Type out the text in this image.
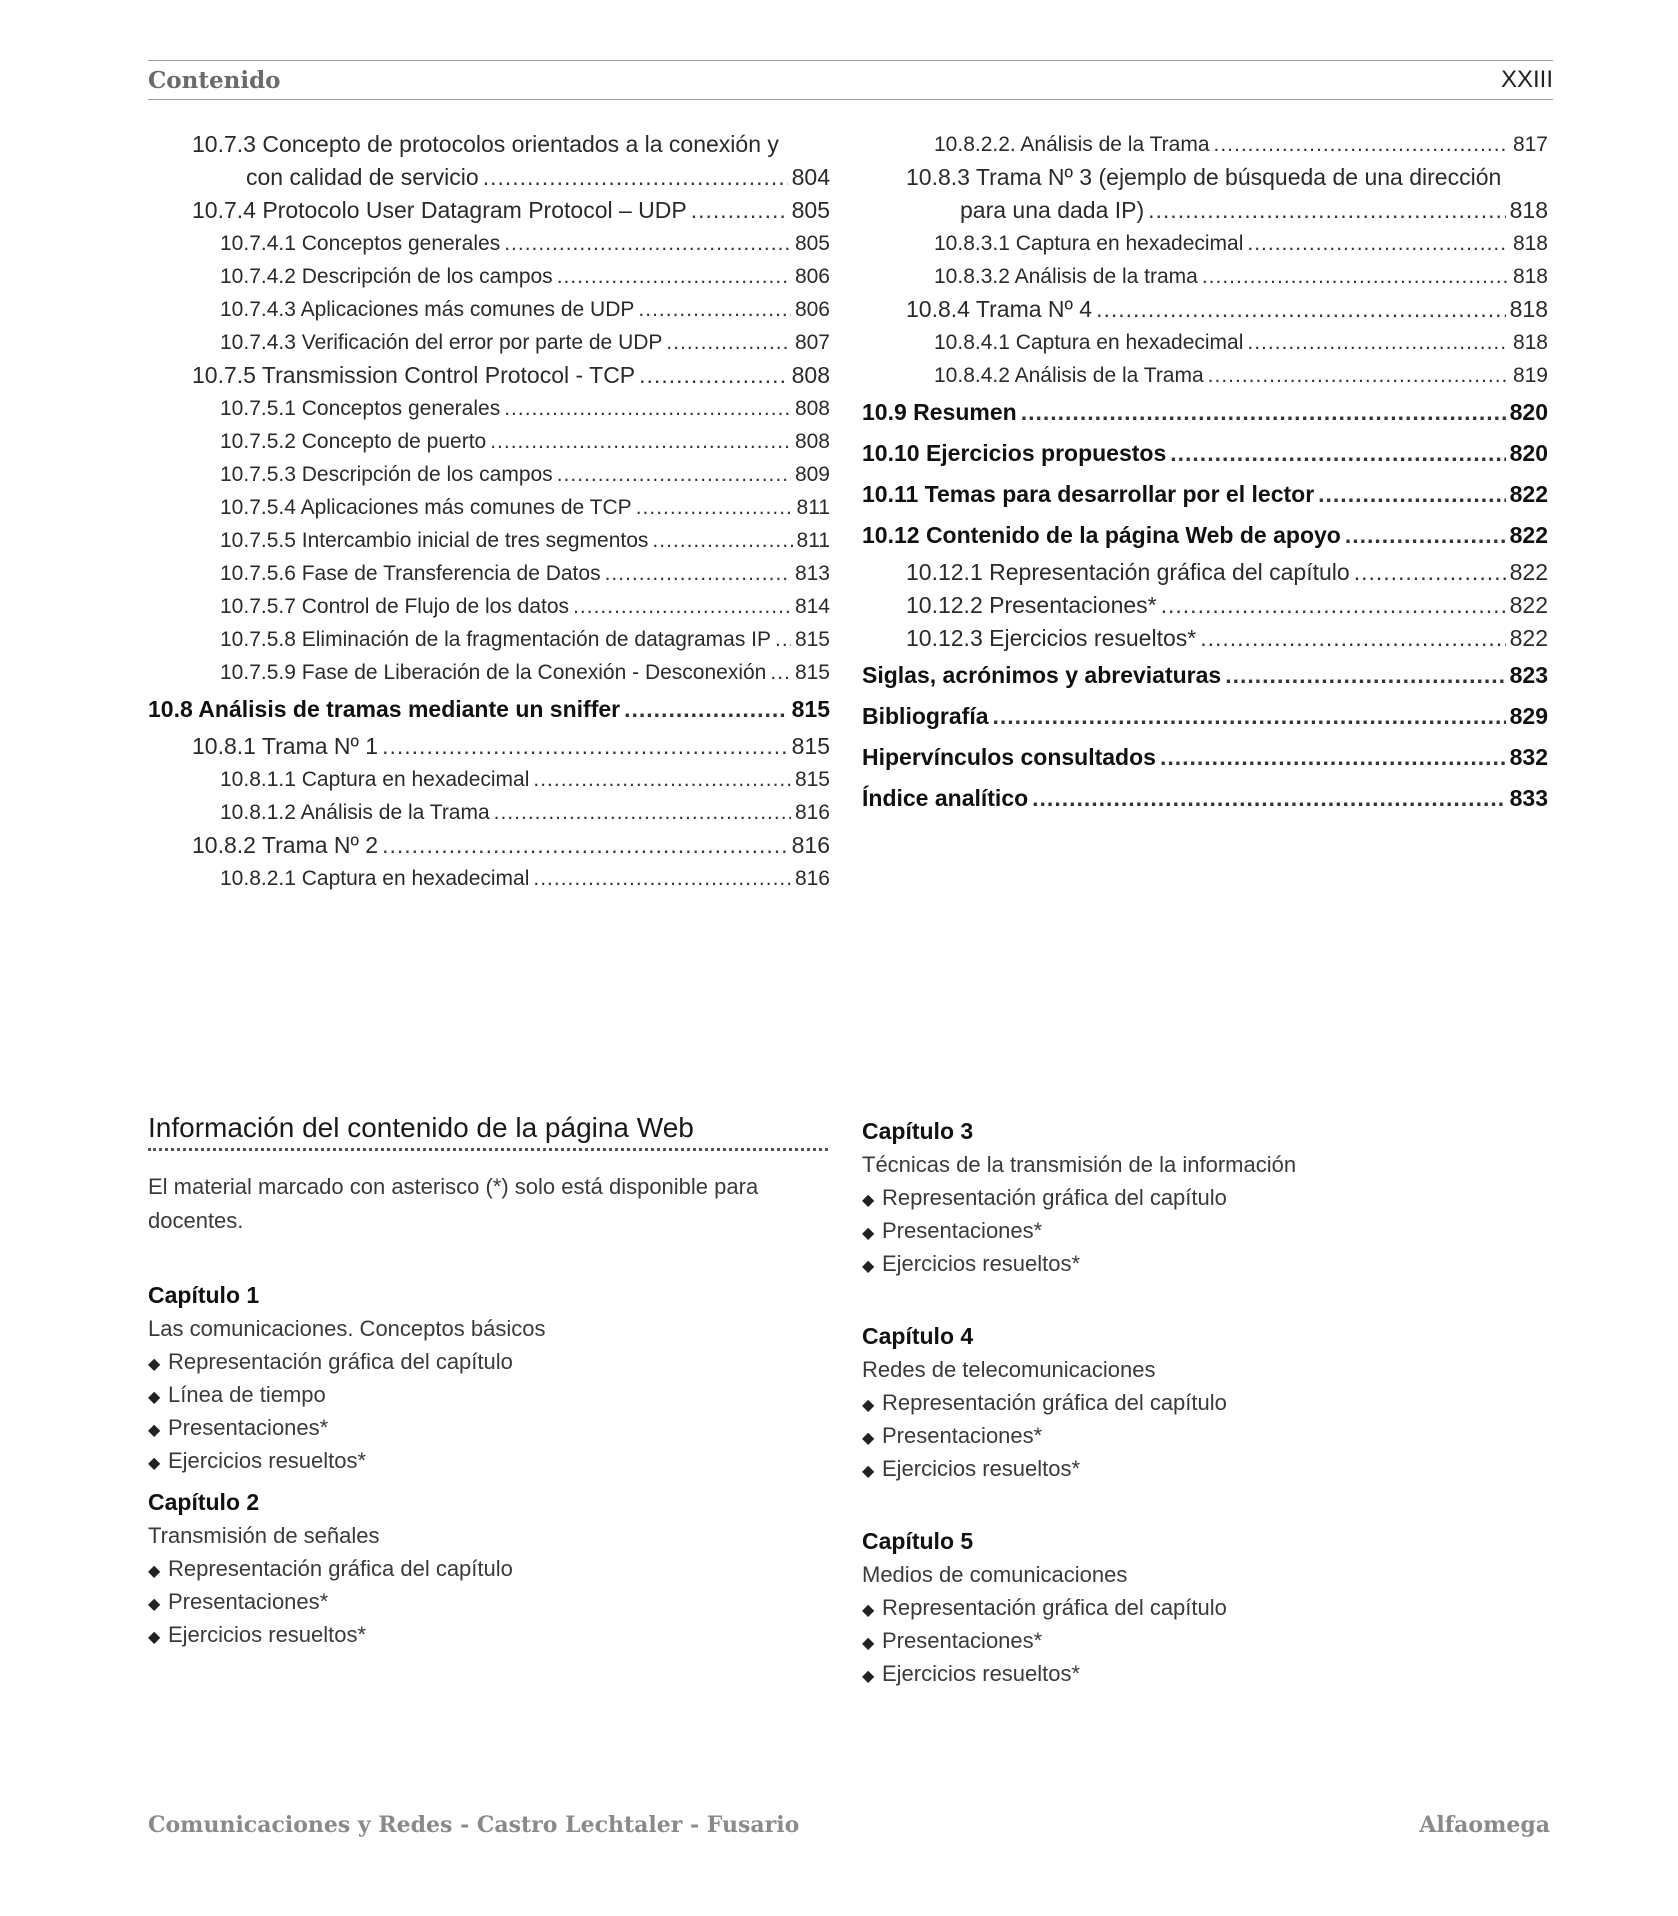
Contenido	XXIII
10.7.3 Concepto de protocolos orientados a la conexión y
con calidad de servicio .....	804
10.7.4 Protocolo User Datagram Protocol – UDP .....	805
10.7.4.1 Conceptos generales .....	805
10.7.4.2 Descripción de los campos .....	806
10.7.4.3 Aplicaciones más comunes de UDP .....	806
10.7.4.3 Verificación del error por parte de UDP .....	807
10.7.5 Transmission Control Protocol - TCP .....	808
10.7.5.1 Conceptos generales .....	808
10.7.5.2 Concepto de puerto .....	808
10.7.5.3 Descripción de los campos .....	809
10.7.5.4 Aplicaciones más comunes de TCP .....	811
10.7.5.5 Intercambio inicial de tres segmentos .....	811
10.7.5.6 Fase de Transferencia de Datos .....	813
10.7.5.7 Control de Flujo de los datos .....	814
10.7.5.8 Eliminación de la fragmentación de datagramas IP ..... 815
10.7.5.9 Fase de Liberación de la Conexión - Desconexión ..... 815
10.8 Análisis de tramas mediante un sniffer .....	815
10.8.1 Trama Nº 1 .....	815
10.8.1.1 Captura en hexadecimal .....	815
10.8.1.2 Análisis de la Trama .....	816
10.8.2 Trama Nº 2 .....	816
10.8.2.1 Captura en hexadecimal .....	816
10.8.2.2. Análisis de la Trama .....	817
10.8.3 Trama Nº 3 (ejemplo de búsqueda de una dirección
para una dada IP) .....	818
10.8.3.1 Captura en hexadecimal .....	818
10.8.3.2 Análisis de la trama .....	818
10.8.4 Trama Nº 4 .....	818
10.8.4.1 Captura en hexadecimal .....	818
10.8.4.2 Análisis de la Trama .....	819
10.9 Resumen .....	820
10.10 Ejercicios propuestos .....	820
10.11 Temas para desarrollar por el lector .....	822
10.12 Contenido de la página Web de apoyo .....	822
10.12.1 Representación gráfica del capítulo .....	822
10.12.2 Presentaciones* .....	822
10.12.3 Ejercicios resueltos* .....	822
Siglas, acrónimos y abreviaturas .....	823
Bibliografía .....	829
Hipervínculos consultados .....	832
Índice analítico .....	833
Información del contenido de la página Web
El material marcado con asterisco (*) solo está disponible para docentes.
Capítulo 1
Las comunicaciones. Conceptos básicos
◆ Representación gráfica del capítulo
◆ Línea de tiempo
◆ Presentaciones*
◆ Ejercicios resueltos*
Capítulo 2
Transmisión de señales
◆ Representación gráfica del capítulo
◆ Presentaciones*
◆ Ejercicios resueltos*
Capítulo 3
Técnicas de la transmisión de la información
◆ Representación gráfica del capítulo
◆ Presentaciones*
◆ Ejercicios resueltos*
Capítulo 4
Redes de telecomunicaciones
◆ Representación gráfica del capítulo
◆ Presentaciones*
◆ Ejercicios resueltos*
Capítulo 5
Medios de comunicaciones
◆ Representación gráfica del capítulo
◆ Presentaciones*
◆ Ejercicios resueltos*
Comunicaciones y Redes - Castro Lechtaler - Fusario	Alfaomega
